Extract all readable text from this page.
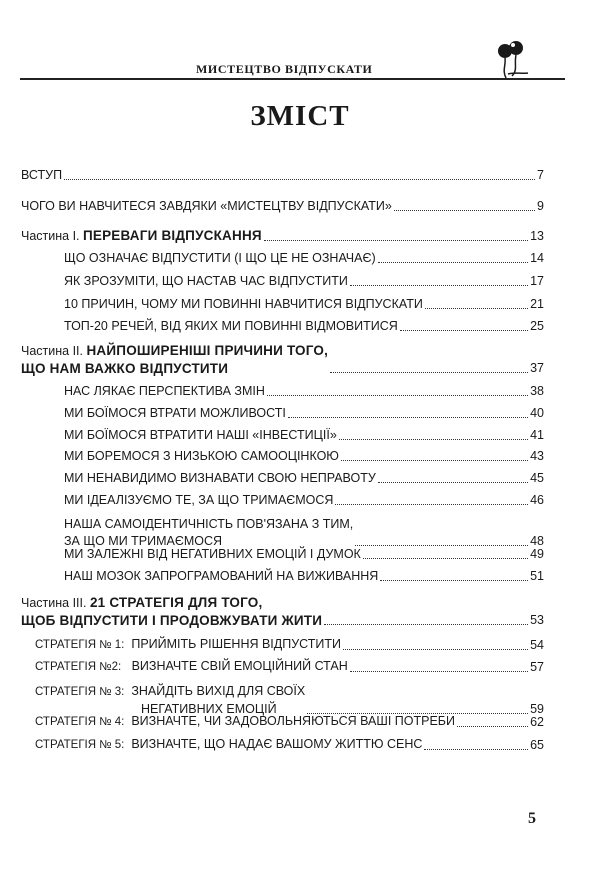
МИСТЕЦТВО ВІДПУСКАТИ
ЗМІСТ
ВСТУП	7
ЧОГО ВИ НАВЧИТЕСЯ ЗАВДЯКИ «МИСТЕЦТВУ ВІДПУСКАТИ»	9
Частина I. ПЕРЕВАГИ ВІДПУСКАННЯ	13
ЩО ОЗНАЧАЄ ВІДПУСТИТИ (І ЩО ЦЕ НЕ ОЗНАЧАЄ)	14
ЯК ЗРОЗУМІТИ, ЩО НАСТАВ ЧАС ВІДПУСТИТИ	17
10 ПРИЧИН, ЧОМУ МИ ПОВИННІ НАВЧИТИСЯ ВІДПУСКАТИ	21
ТОП-20 РЕЧЕЙ, ВІД ЯКИХ МИ ПОВИННІ ВІДМОВИТИСЯ	25
Частина II. НАЙПОШИРЕНІШІ ПРИЧИНИ ТОГО,
ЩО НАМ ВАЖКО ВІДПУСТИТИ	37
НАС ЛЯКАЄ ПЕРСПЕКТИВА ЗМІН	38
МИ БОЇМОСЯ ВТРАТИ МОЖЛИВОСТІ	40
МИ БОЇМОСЯ ВТРАТИТИ НАШІ «ІНВЕСТИЦІЇ»	41
МИ БОРЕМОСЯ З НИЗЬКОЮ САМООЦІНКОЮ	43
МИ НЕНАВИДИМО ВИЗНАВАТИ СВОЮ НЕПРАВОТУ	45
МИ ІДЕАЛІЗУЄМО ТЕ, ЗА ЩО ТРИМАЄМОСЯ	46
НАША САМОІДЕНТИЧНІСТЬ ПОВ'ЯЗАНА З ТИМ,
ЗА ЩО МИ ТРИМАЄМОСЯ	48
МИ ЗАЛЕЖНІ ВІД НЕГАТИВНИХ ЕМОЦІЙ І ДУМОК	49
НАШ МОЗОК ЗАПРОГРАМОВАНИЙ НА ВИЖИВАННЯ	51
Частина III. 21 СТРАТЕГІЯ ДЛЯ ТОГО,
ЩОБ ВІДПУСТИТИ І ПРОДОВЖУВАТИ ЖИТИ	53
СТРАТЕГІЯ № 1: ПРИЙМІТЬ РІШЕННЯ ВІДПУСТИТИ	54
СТРАТЕГІЯ №2: ВИЗНАЧТЕ СВІЙ ЕМОЦІЙНИЙ СТАН	57
СТРАТЕГІЯ № 3: ЗНАЙДІТЬ ВИХІД ДЛЯ СВОЇХ
НЕГАТИВНИХ ЕМОЦІЙ	59
СТРАТЕГІЯ № 4: ВИЗНАЧТЕ, ЧИ ЗАДОВОЛЬНЯЮТЬСЯ ВАШІ ПОТРЕБИ	62
СТРАТЕГІЯ № 5: ВИЗНАЧТЕ, ЩО НАДАЄ ВАШОМУ ЖИТТЮ СЕНС	65
5
